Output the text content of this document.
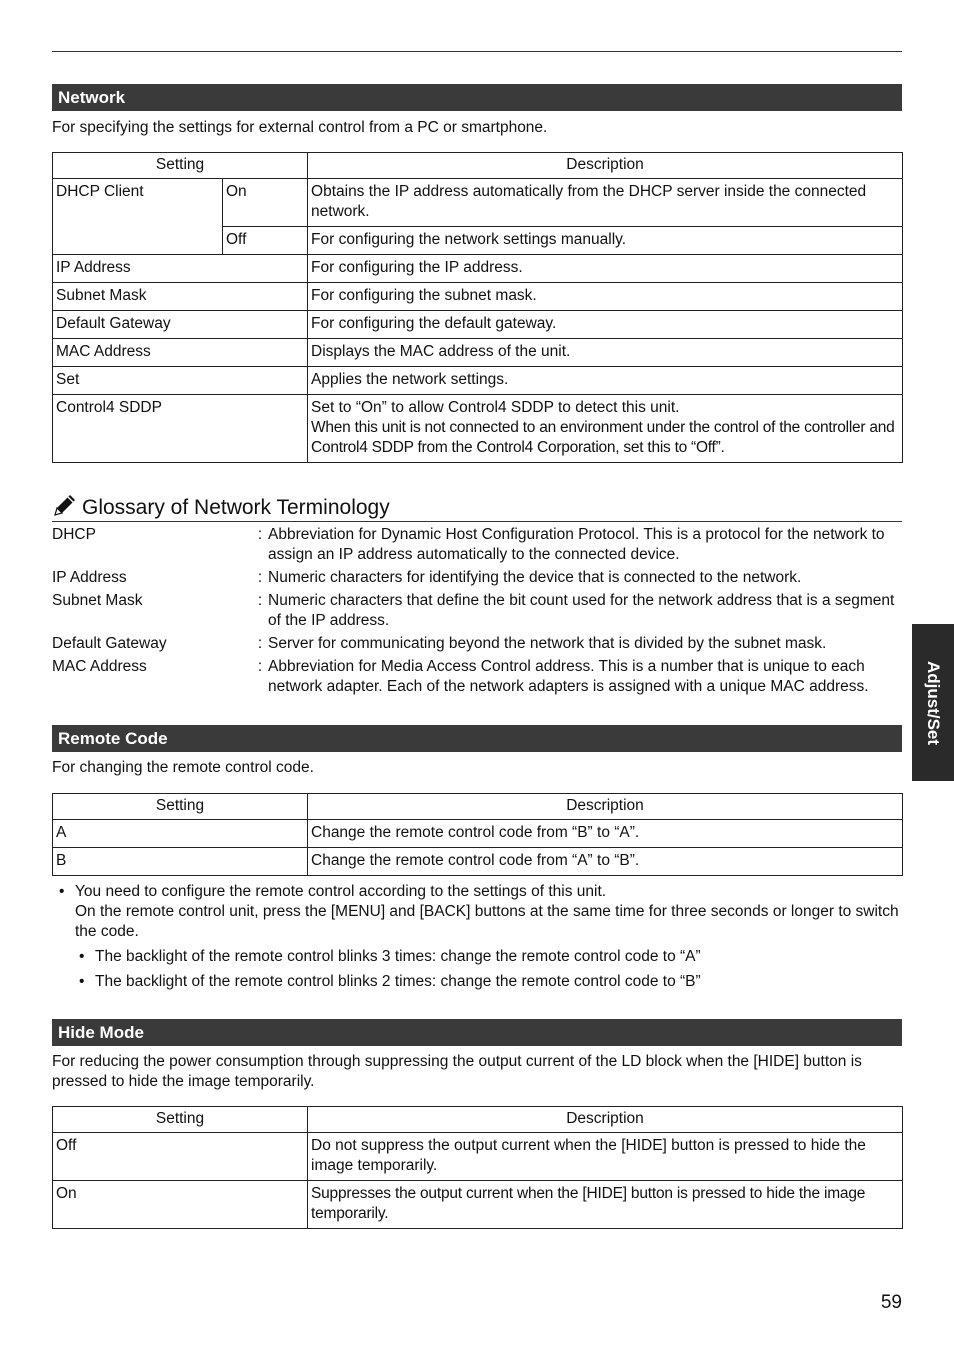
Network
For specifying the settings for external control from a PC or smartphone.
Setting		Description
DHCP Client	On	Obtains the IP address automatically from the DHCP server inside the connected network.
	Off	For configuring the network settings manually.
IP Address		For configuring the IP address.
Subnet Mask		For configuring the subnet mask.
Default Gateway		For configuring the default gateway.
MAC Address		Displays the MAC address of the unit.
Set		Applies the network settings.
Control4 SDDP		Set to “On” to allow Control4 SDDP to detect this unit.
When this unit is not connected to an environment under the control of the controller and Control4 SDDP from the Control4 Corporation, set this to “Off”.
Glossary of Network Terminology
DHCP	: Abbreviation for Dynamic Host Configuration Protocol. This is a protocol for the network to assign an IP address automatically to the connected device.
IP Address	: Numeric characters for identifying the device that is connected to the network.
Subnet Mask	: Numeric characters that define the bit count used for the network address that is a segment of the IP address.
Default Gateway	: Server for communicating beyond the network that is divided by the subnet mask.
MAC Address	: Abbreviation for Media Access Control address. This is a number that is unique to each network adapter. Each of the network adapters is assigned with a unique MAC address.
Remote Code
For changing the remote control code.
Setting	Description
A	Change the remote control code from “B” to “A”.
B	Change the remote control code from “A” to “B”.
• You need to configure the remote control according to the settings of this unit.
On the remote control unit, press the [MENU] and [BACK] buttons at the same time for three seconds or longer to switch the code.
• The backlight of the remote control blinks 3 times: change the remote control code to “A”
• The backlight of the remote control blinks 2 times: change the remote control code to “B”
Hide Mode
For reducing the power consumption through suppressing the output current of the LD block when the [HIDE] button is pressed to hide the image temporarily.
Setting	Description
Off	Do not suppress the output current when the [HIDE] button is pressed to hide the image temporarily.
On	Suppresses the output current when the [HIDE] button is pressed to hide the image temporarily.
Adjust/Set
59
